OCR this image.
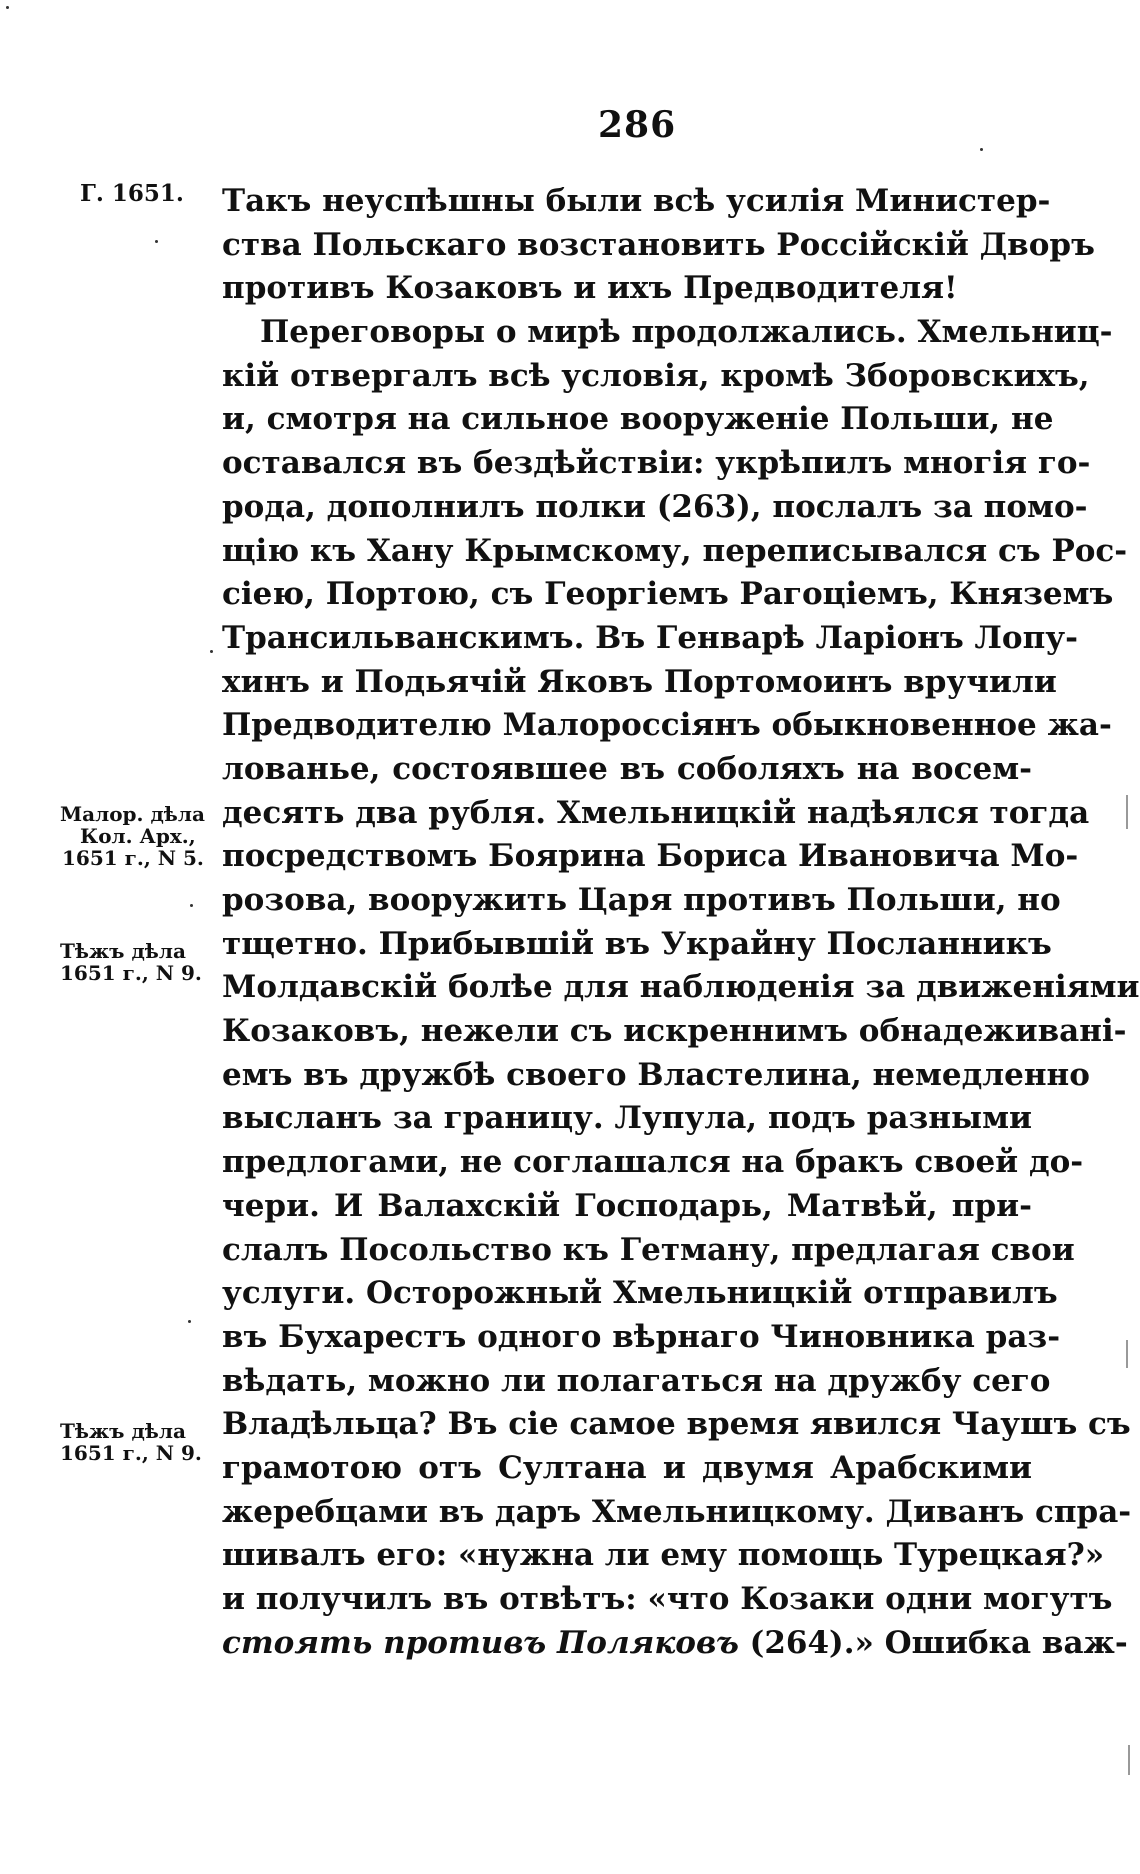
286
Г. 1651.
Малор. дѣла
Кол. Арх.,
1651 г., N 5.
Тѣжъ дѣла
1651 г., N 9.
Тѣжъ дѣла
1651 г., N 9.
Такъ неуспѣшны были всѣ усилія Министер-
ства Польскаго возстановить Россійскій Дворъ
противъ Козаковъ и ихъ Предводителя!
Переговоры о мирѣ продолжались. Хмельниц-
кій отвергалъ всѣ условія, кромѣ Зборовскихъ,
и, смотря на сильное вооруженіе Польши, не
оставался въ бездѣйствіи: укрѣпилъ многія го-
рода, дополнилъ полки (263), послалъ за помо-
щію къ Хану Крымскому, переписывался съ Рос-
сіею, Портою, съ Георгіемъ Рагоціемъ, Княземъ
Трансильванскимъ. Въ Генварѣ Ларіонъ Лопу-
хинъ и Подьячій Яковъ Портомоинъ вручили
Предводителю Малороссіянъ обыкновенное жа-
лованье, состоявшее въ соболяхъ на восем-
десять два рубля. Хмельницкій надѣялся тогда
посредствомъ Боярина Бориса Ивановича Мо-
розова, вооружить Царя противъ Польши, но
тщетно. Прибывшій въ Украйну Посланникъ
Молдавскій болѣе для наблюденія за движеніями
Козаковъ, нежели съ искреннимъ обнадеживані-
емъ въ дружбѣ своего Властелина, немедленно
высланъ за границу. Лупула, подъ разными
предлогами, не соглашался на бракъ своей до-
чери. И Валахскій Господарь, Матвѣй, при-
слалъ Посольство къ Гетману, предлагая свои
услуги. Осторожный Хмельницкій отправилъ
въ Бухарестъ одного вѣрнаго Чиновника раз-
вѣдать, можно ли полагаться на дружбу сего
Владѣльца? Въ сіе самое время явился Чаушъ съ
грамотою отъ Султана и двумя Арабскими
жеребцами въ даръ Хмельницкому. Диванъ спра-
шивалъ его: «нужна ли ему помощь Турецкая?»
и получилъ въ отвѣтъ: «что Козаки одни могутъ
стоять противъ Поляковъ (264).» Ошибка важ-
